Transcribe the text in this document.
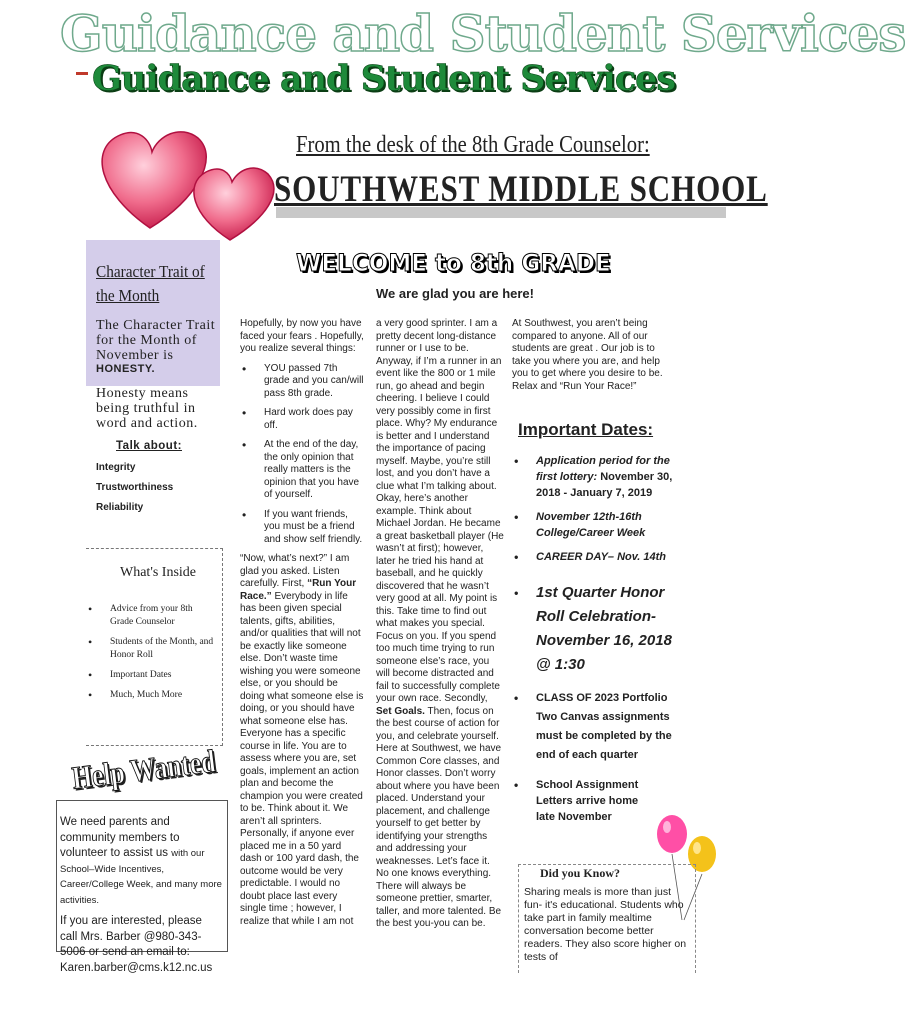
Guidance and Student Services
Guidance and Student Services
From the desk of the 8th Grade Counselor:
SOUTHWEST MIDDLE SCHOOL
Character Trait of
the Month
The Character Trait for the Month of November is
HONESTY.
Honesty means being truthful in word and action.
Talk about:
Integrity
Trustworthiness
Reliability
What's Inside
• Advice from your 8th Grade Counselor
• Students of the Month, and Honor Roll
• Important Dates
• Much, Much More
Help Wanted
We need parents and community members to volunteer to assist us with our School–Wide Incentives, Career/College Week, and many more activities.
If you are interested, please call Mrs. Barber @980-343-5006 or send an email to:
Karen.barber@cms.k12.nc.us
WELCOME to 8th GRADE
We are glad you are here!

Hopefully, by now you have faced your fears . Hopefully, you realize several things:

• YOU passed 7th grade and you can/will pass 8th grade.
• Hard work does pay off.
• At the end of the day, the only opinion that really matters is the opinion that you have of yourself.
• If you want friends, you must be a friend and show self friendly.

“Now, what’s next?” I am glad you asked. Listen carefully. First, “Run Your Race.” Everybody in life has been given special talents, gifts, abilities, and/or qualities that will not be exactly like someone else. Don’t waste time wishing you were someone else, or you should be doing what someone else is doing, or you should have what someone else has. Everyone has a specific course in life. You are to assess where you are, set goals, implement an action plan and become the champion you were created to be. Think about it. We aren’t all sprinters. Personally, if anyone ever placed me in a 50 yard dash or 100 yard dash, the outcome would be very predictable. I would no doubt place last every single time ; however, I realize that while I am not

a very good sprinter. I am a pretty decent long-distance runner or I use to be. Anyway, if I’m a runner in an event like the 800 or 1 mile run, go ahead and begin cheering. I believe I could very possibly come in first place. Why? My endurance is better and I understand the importance of pacing myself. Maybe, you’re still lost, and you don’t have a clue what I’m talking about. Okay, here’s another example. Think about Michael Jordan. He became a great basketball player (He wasn’t at first); however, later he tried his hand at baseball, and he quickly discovered that he wasn’t very good at all. My point is this. Take time to find out what makes you special. Focus on you. If you spend too much time trying to run someone else’s race, you will become distracted and fail to successfully complete your own race. Secondly, Set Goals. Then, focus on the best course of action for you, and celebrate yourself. Here at Southwest, we have Common Core classes, and Honor classes. Don’t worry about where you have been placed. Understand your placement, and challenge yourself to get better by identifying your strengths and addressing your weaknesses. Let’s face it. No one knows everything. There will always be someone prettier, smarter, taller, and more talented. Be the best you-you can be.

At Southwest, you aren’t being compared to anyone. All of our students are great . Our job is to take you where you are, and help you to get where you desire to be. Relax and “Run Your Race!”

Important Dates:
• Application period for the first lottery: November 30, 2018 - January 7, 2019
• November 12th-16th College/Career Week
• CAREER DAY– Nov. 14th
• 1st Quarter Honor Roll Celebration- November 16, 2018 @ 1:30
• CLASS OF 2023 Portfolio Two Canvas assignments must be completed by the end of each quarter
• School Assignment Letters arrive home late November
Did you Know?
Sharing meals is more than just fun- it's educational. Students who take part in family mealtime conversation become better readers. They also score higher on tests of
